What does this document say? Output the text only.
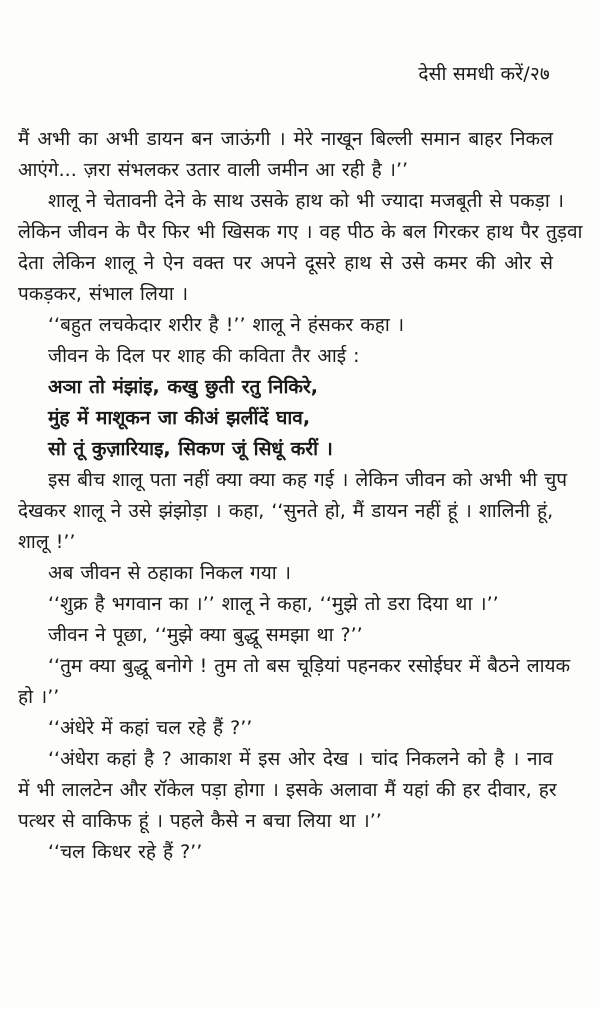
देसी समधी करें/२७
मैं अभी का अभी डायन बन जाऊंगी । मेरे नाखून बिल्ली समान बाहर निकल
आएंगे... ज़रा संभलकर उतार वाली जमीन आ रही है ।’’
शालू ने चेतावनी देने के साथ उसके हाथ को भी ज्यादा मजबूती से पकड़ा ।
लेकिन जीवन के पैर फिर भी खिसक गए । वह पीठ के बल गिरकर हाथ पैर तुड़वा
देता लेकिन शालू ने ऐन वक्त पर अपने दूसरे हाथ से उसे कमर की ओर से
पकड़कर, संभाल लिया ।
‘‘बहुत लचकेदार शरीर है !’’ शालू ने हंसकर कहा ।
जीवन के दिल पर शाह की कविता तैर आई :
अञा तो मंझांइ, कखु छुती रतु निकिरे,
मुंह में माशूकन जा कीअं झलींदें घाव,
सो तूं कुज़ारियाइ, सिकण जूं सिधूं करीं ।
इस बीच शालू पता नहीं क्या क्या कह गई । लेकिन जीवन को अभी भी चुप
देखकर शालू ने उसे झंझोड़ा । कहा, ‘‘सुनते हो, मैं डायन नहीं हूं । शालिनी हूं,
शालू !’’
अब जीवन से ठहाका निकल गया ।
‘‘शुक्र है भगवान का ।’’ शालू ने कहा, ‘‘मुझे तो डरा दिया था ।’’
जीवन ने पूछा, ‘‘मुझे क्या बुद्धू समझा था ?’’
‘‘तुम क्या बुद्धू बनोगे ! तुम तो बस चूड़ियां पहनकर रसोईघर में बैठने लायक
हो ।’’
‘‘अंधेरे में कहां चल रहे हैं ?’’
‘‘अंधेरा कहां है ? आकाश में इस ओर देख । चांद निकलने को है । नाव
में भी लालटेन और रॉकेल पड़ा होगा । इसके अलावा मैं यहां की हर दीवार, हर
पत्थर से वाकिफ हूं । पहले कैसे न बचा लिया था ।’’
‘‘चल किधर रहे हैं ?’’
